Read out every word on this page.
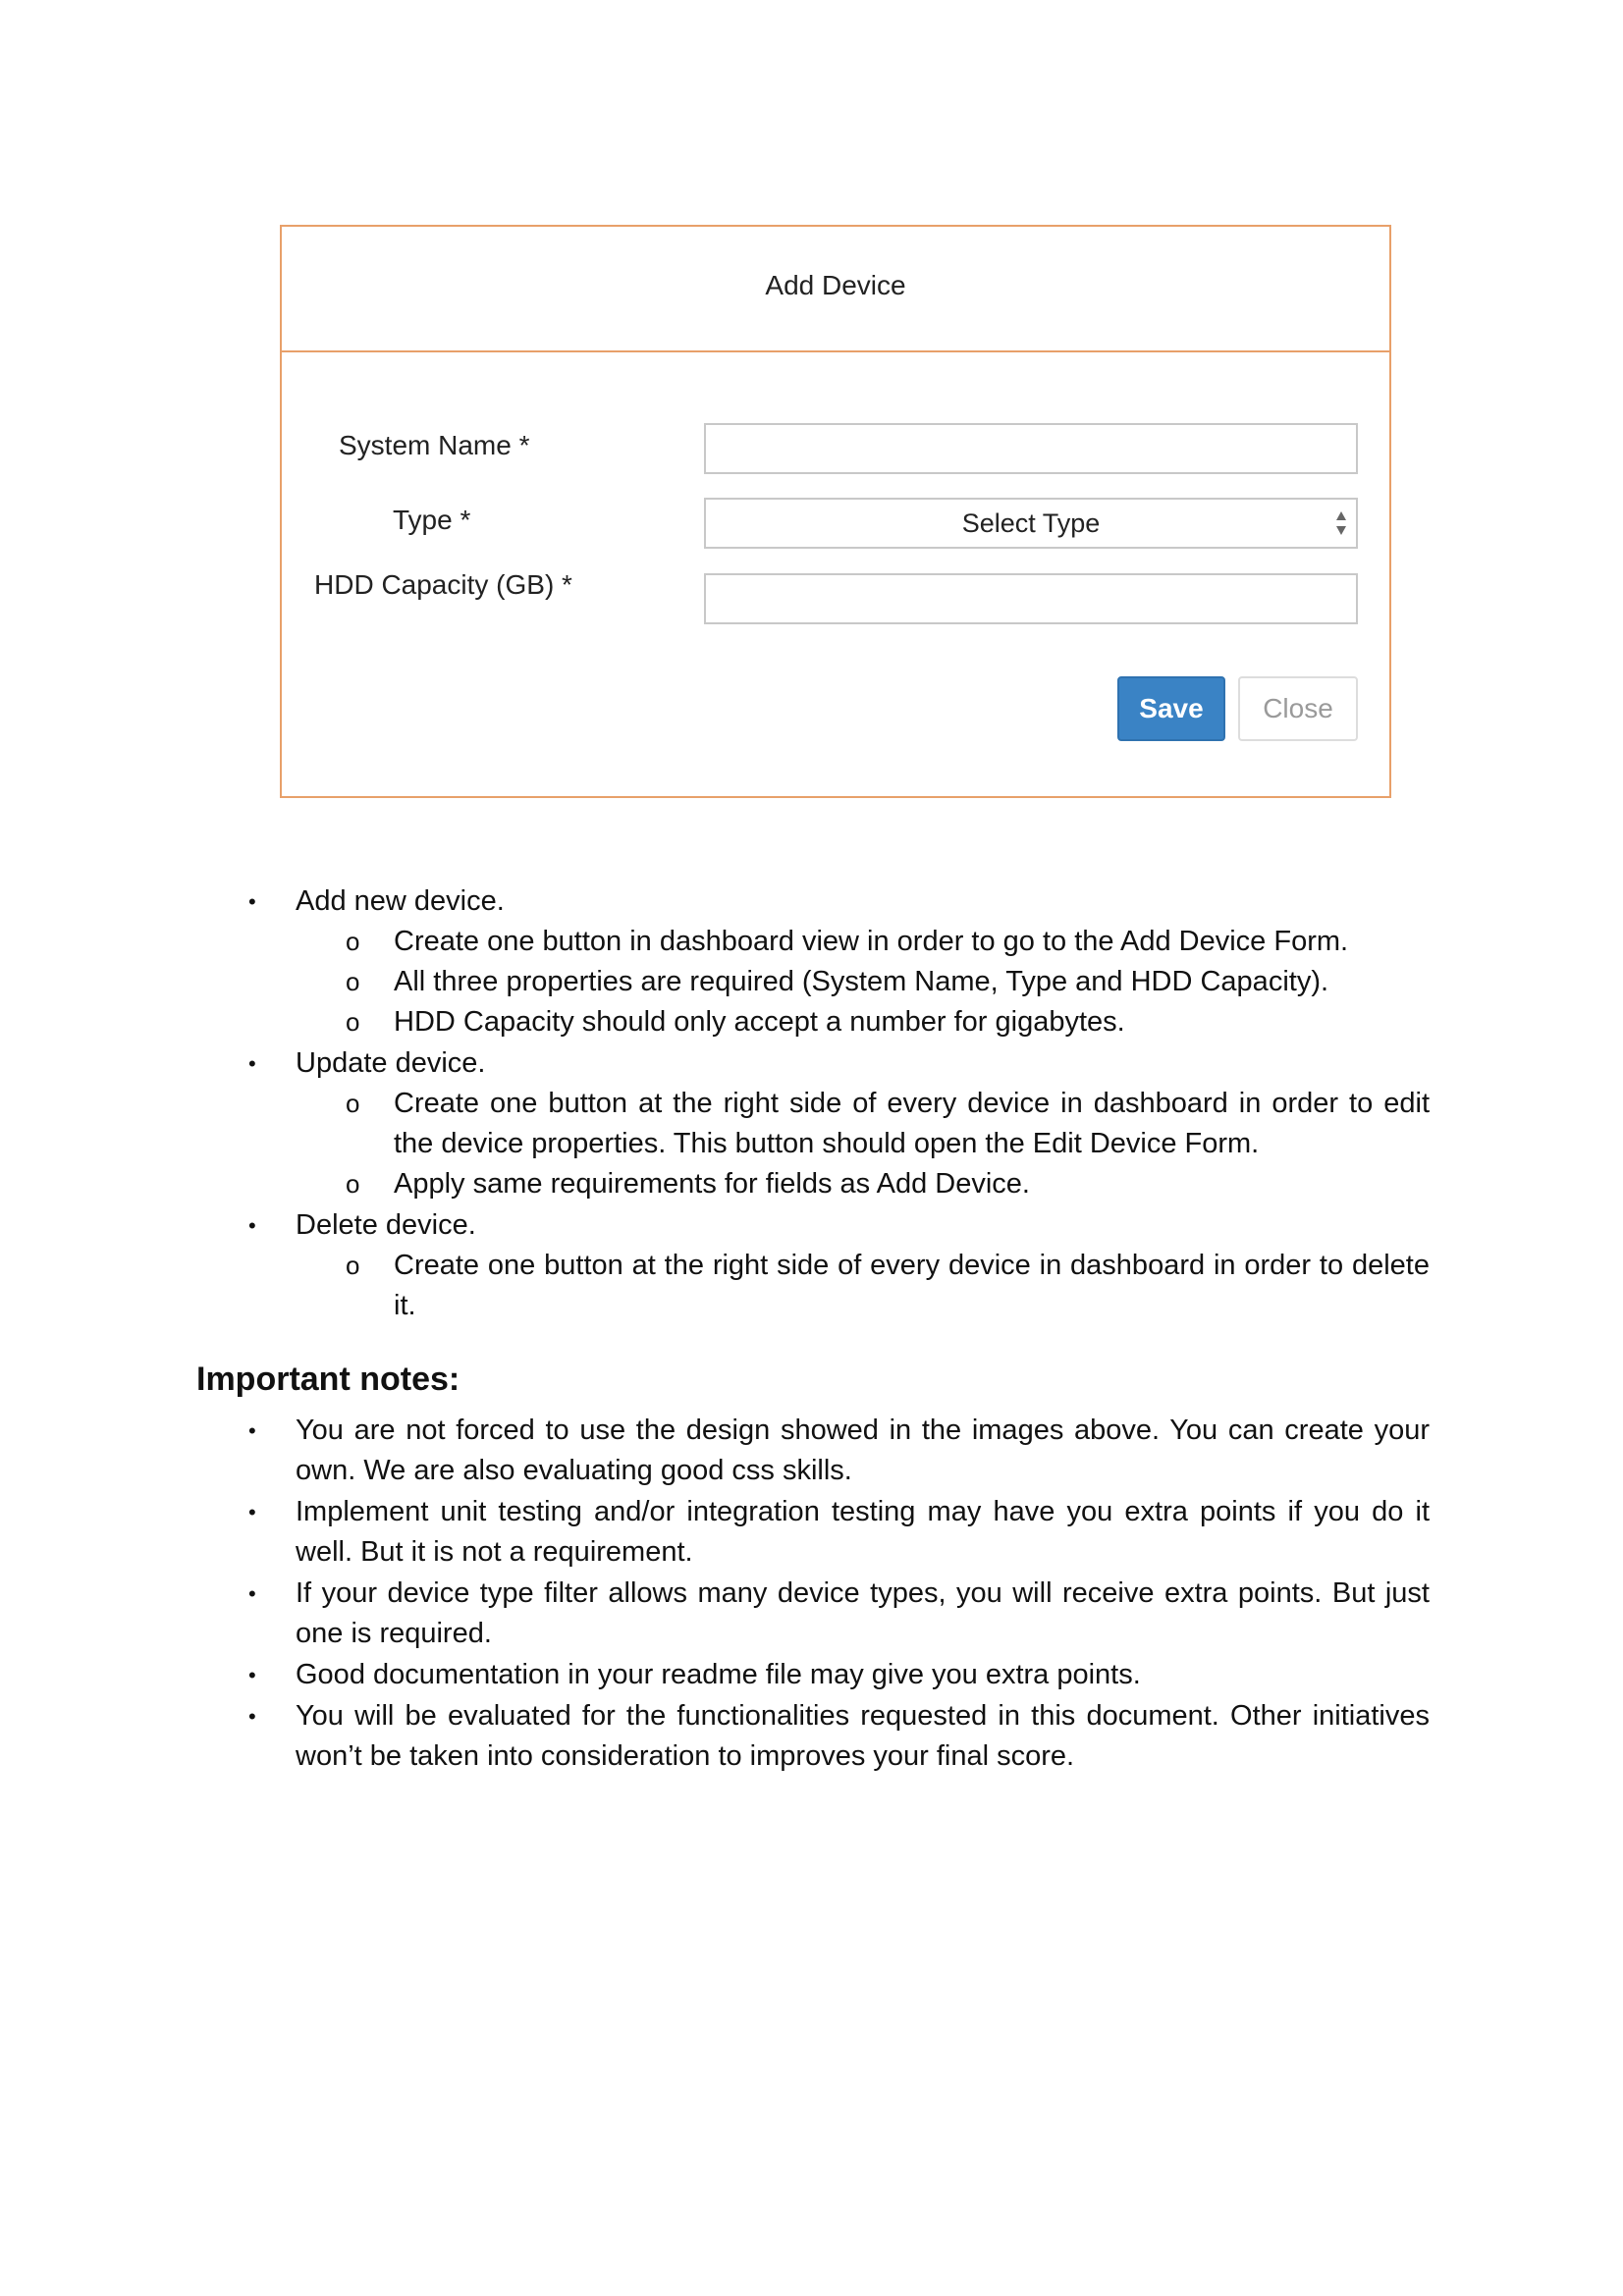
Add Device
System Name *
Type *	Select Type
HDD Capacity (GB) *
Save	Close
• Add new device.
o Create one button in dashboard view in order to go to the Add Device Form.
o All three properties are required (System Name, Type and HDD Capacity).
o HDD Capacity should only accept a number for gigabytes.
• Update device.
o Create one button at the right side of every device in dashboard in order to edit the device properties. This button should open the Edit Device Form.
o Apply same requirements for fields as Add Device.
• Delete device.
o Create one button at the right side of every device in dashboard in order to delete it.
Important notes:
• You are not forced to use the design showed in the images above. You can create your own. We are also evaluating good css skills.
• Implement unit testing and/or integration testing may have you extra points if you do it well. But it is not a requirement.
• If your device type filter allows many device types, you will receive extra points. But just one is required.
• Good documentation in your readme file may give you extra points.
• You will be evaluated for the functionalities requested in this document. Other initiatives won’t be taken into consideration to improves your final score.
